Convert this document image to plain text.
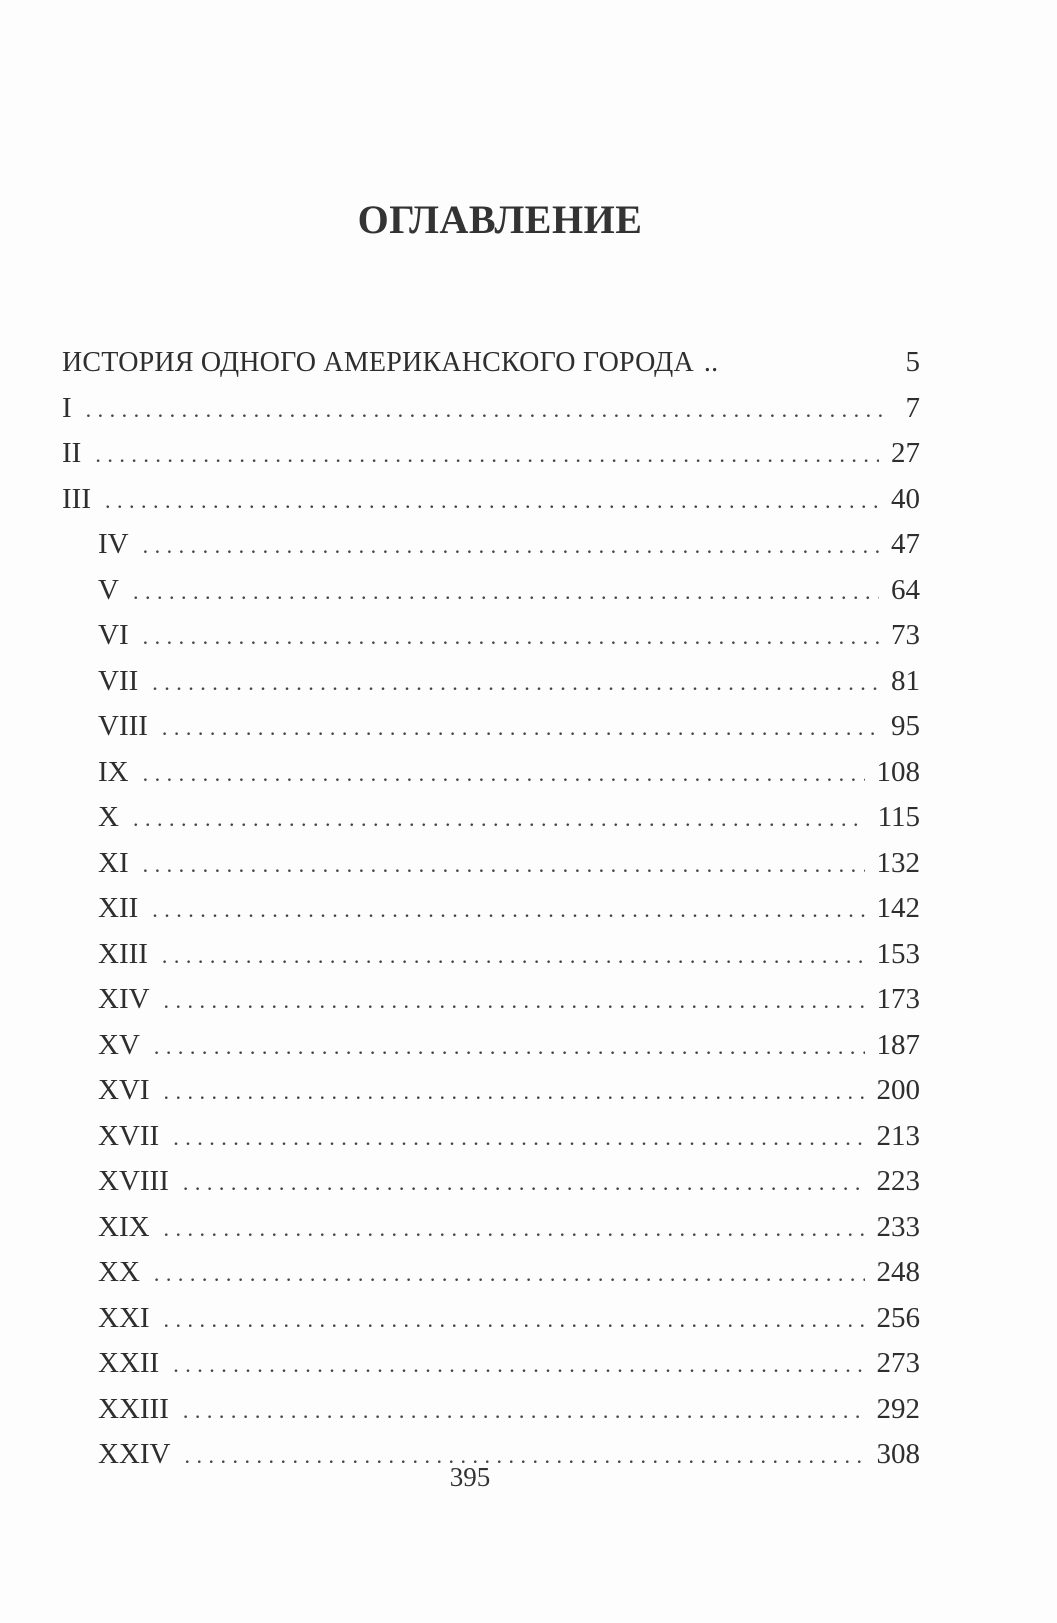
ОГЛАВЛЕНИЕ
ИСТОРИЯ ОДНОГО АМЕРИКАНСКОГО ГОРОДА ..	5
I . . .	7
II . . .	27
III . . .	40
IV . . .	47
V . . .	64
VI . . .	73
VII . . .	81
VIII . . .	95
IX . . .	108
X . . .	115
XI . . .	132
XII . . .	142
XIII . . .	153
XIV . . .	173
XV . . .	187
XVI . . .	200
XVII . . .	213
XVIII . . .	223
XIX . . .	233
XX . . .	248
XXI . . .	256
XXII . . .	273
XXIII . . .	292
XXIV . . .	308
395
